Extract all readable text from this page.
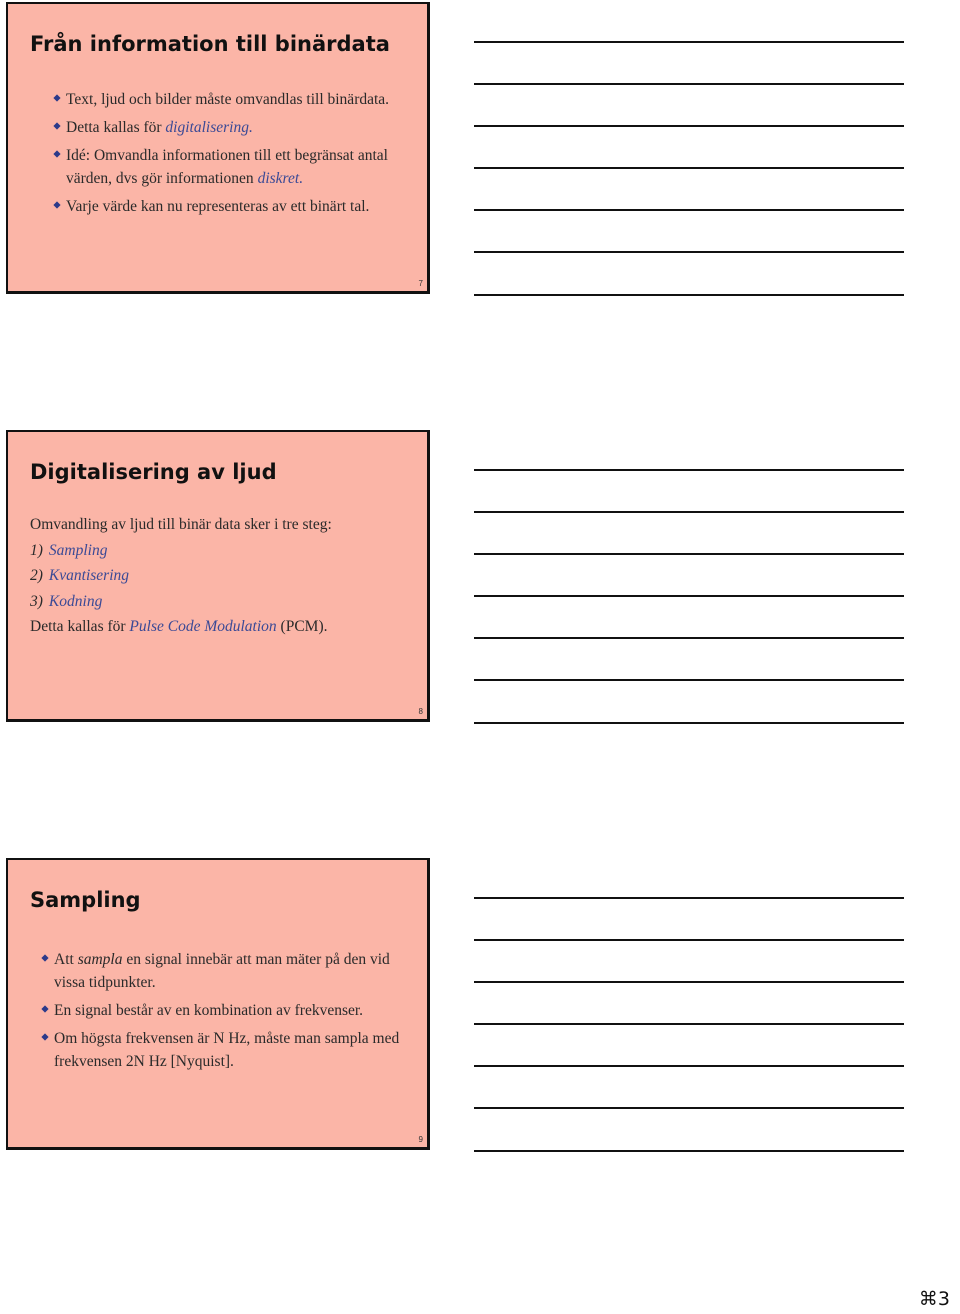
Från information till binärdata
Text, ljud och bilder måste omvandlas till binärdata.
Detta kallas för digitalisering.
Idé: Omvandla informationen till ett begränsat antal värden, dvs gör informationen diskret.
Varje värde kan nu representeras av ett binärt tal.
7
Digitalisering av ljud
Omvandling av ljud till binär data sker i tre steg:
1) Sampling
2) Kvantisering
3) Kodning
Detta kallas för Pulse Code Modulation (PCM).
8
Sampling
Att sampla en signal innebär att man mäter på den vid vissa tidpunkter.
En signal består av en kombination av frekvenser.
Om högsta frekvensen är N Hz, måste man sampla med frekvensen 2N Hz [Nyquist].
9
⌘3
